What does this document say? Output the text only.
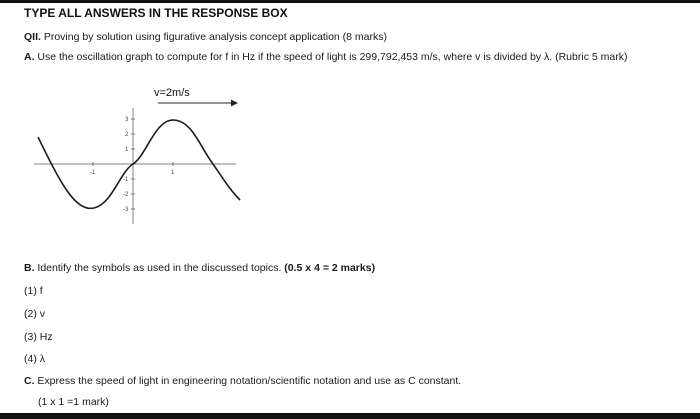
TYPE ALL ANSWERS IN THE RESPONSE BOX
QII. Proving by solution using figurative analysis concept application (8 marks)
A. Use the oscillation graph to compute for f in Hz if the speed of light is 299,792,453 m/s, where v is divided by λ. (Rubric 5 mark)
-1	1
3
2
1
-1
-2
-3
v=2m/s
B. Identify the symbols as used in the discussed topics. (0.5 x 4 = 2 marks)
(1) f
(2) v
(3) Hz
(4) λ
C. Express the speed of light in engineering notation/scientific notation and use as C constant.
(1 x 1 =1 mark)
